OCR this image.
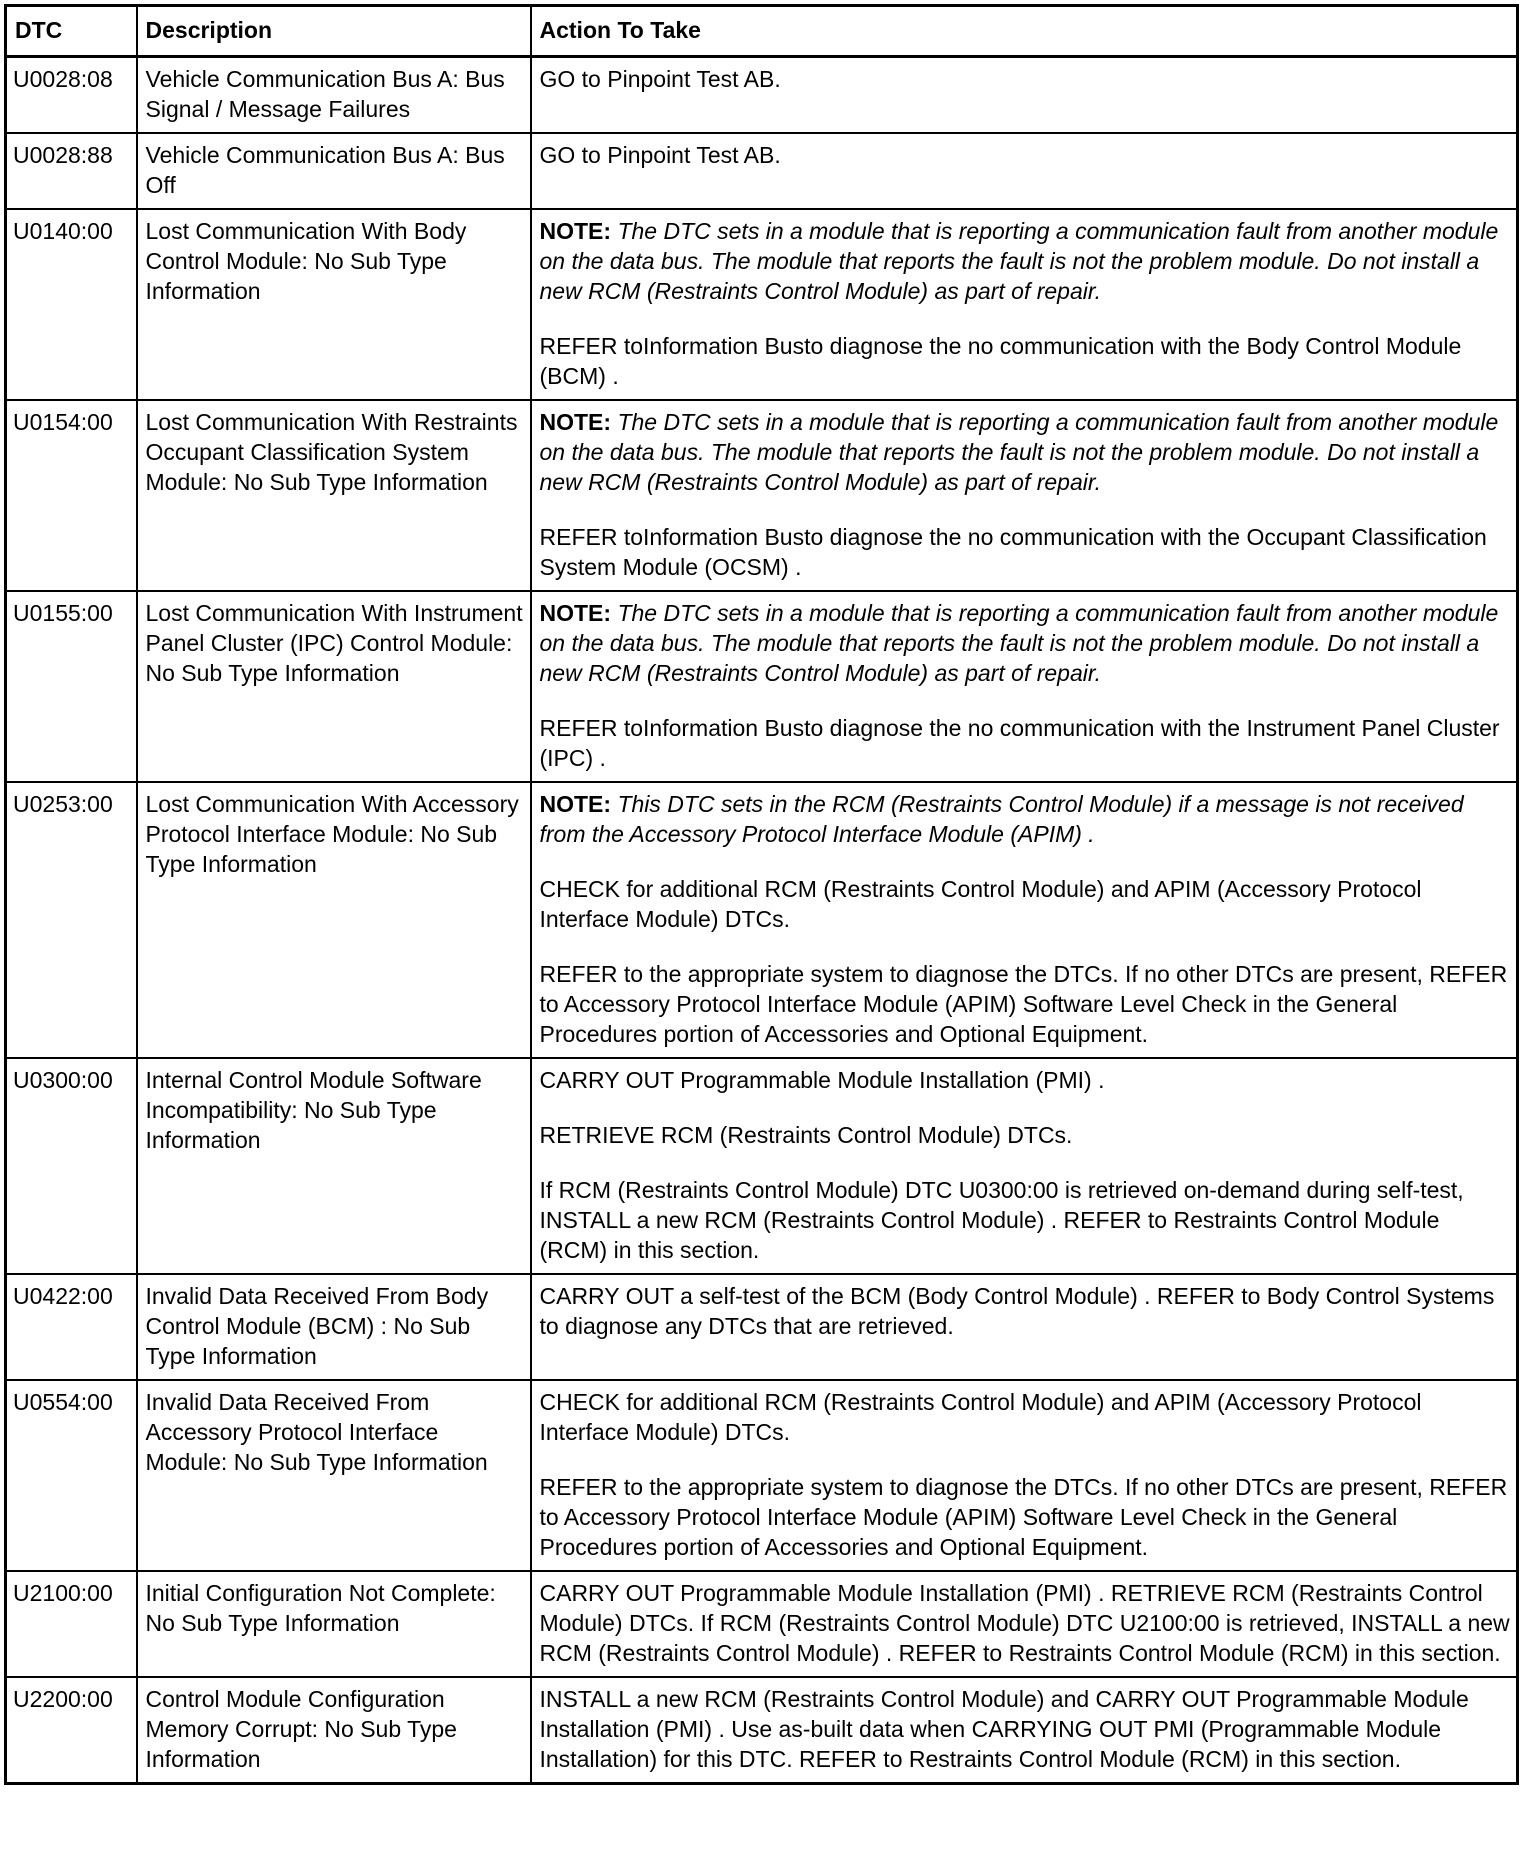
DTC	Description	Action To Take
U0028:08	Vehicle Communication Bus A: Bus Signal / Message Failures	GO to Pinpoint Test AB.

U0028:88	Vehicle Communication Bus A: Bus Off	GO to Pinpoint Test AB.

U0140:00	Lost Communication With Body Control Module: No Sub Type Information	NOTE: The DTC sets in a module that is reporting a communication fault from another module on the data bus. The module that reports the fault is not the problem module. Do not install a new RCM (Restraints Control Module) as part of repair.

REFER toInformation Busto diagnose the no communication with the Body Control Module (BCM) .

U0154:00	Lost Communication With Restraints Occupant Classification System Module: No Sub Type Information	NOTE: The DTC sets in a module that is reporting a communication fault from another module on the data bus. The module that reports the fault is not the problem module. Do not install a new RCM (Restraints Control Module) as part of repair.

REFER toInformation Busto diagnose the no communication with the Occupant Classification System Module (OCSM) .

U0155:00	Lost Communication With Instrument Panel Cluster (IPC) Control Module: No Sub Type Information	NOTE: The DTC sets in a module that is reporting a communication fault from another module on the data bus. The module that reports the fault is not the problem module. Do not install a new RCM (Restraints Control Module) as part of repair.

REFER toInformation Busto diagnose the no communication with the Instrument Panel Cluster (IPC) .

U0253:00	Lost Communication With Accessory Protocol Interface Module: No Sub Type Information	NOTE: This DTC sets in the RCM (Restraints Control Module) if a message is not received from the Accessory Protocol Interface Module (APIM) .

CHECK for additional RCM (Restraints Control Module) and APIM (Accessory Protocol Interface Module) DTCs.

REFER to the appropriate system to diagnose the DTCs. If no other DTCs are present, REFER to Accessory Protocol Interface Module (APIM) Software Level Check in the General Procedures portion of Accessories and Optional Equipment.

U0300:00	Internal Control Module Software Incompatibility: No Sub Type Information	CARRY OUT Programmable Module Installation (PMI) .

RETRIEVE RCM (Restraints Control Module) DTCs.

If RCM (Restraints Control Module) DTC U0300:00 is retrieved on-demand during self-test, INSTALL a new RCM (Restraints Control Module) . REFER to Restraints Control Module (RCM) in this section.

U0422:00	Invalid Data Received From Body Control Module (BCM) : No Sub Type Information	CARRY OUT a self-test of the BCM (Body Control Module) . REFER to Body Control Systems to diagnose any DTCs that are retrieved.

U0554:00	Invalid Data Received From Accessory Protocol Interface Module: No Sub Type Information	CHECK for additional RCM (Restraints Control Module) and APIM (Accessory Protocol Interface Module) DTCs.

REFER to the appropriate system to diagnose the DTCs. If no other DTCs are present, REFER to Accessory Protocol Interface Module (APIM) Software Level Check in the General Procedures portion of Accessories and Optional Equipment.

U2100:00	Initial Configuration Not Complete: No Sub Type Information	CARRY OUT Programmable Module Installation (PMI) . RETRIEVE RCM (Restraints Control Module) DTCs. If RCM (Restraints Control Module) DTC U2100:00 is retrieved, INSTALL a new RCM (Restraints Control Module) . REFER to Restraints Control Module (RCM) in this section.

U2200:00	Control Module Configuration Memory Corrupt: No Sub Type Information	INSTALL a new RCM (Restraints Control Module) and CARRY OUT Programmable Module Installation (PMI) . Use as-built data when CARRYING OUT PMI (Programmable Module Installation) for this DTC. REFER to Restraints Control Module (RCM) in this section.
